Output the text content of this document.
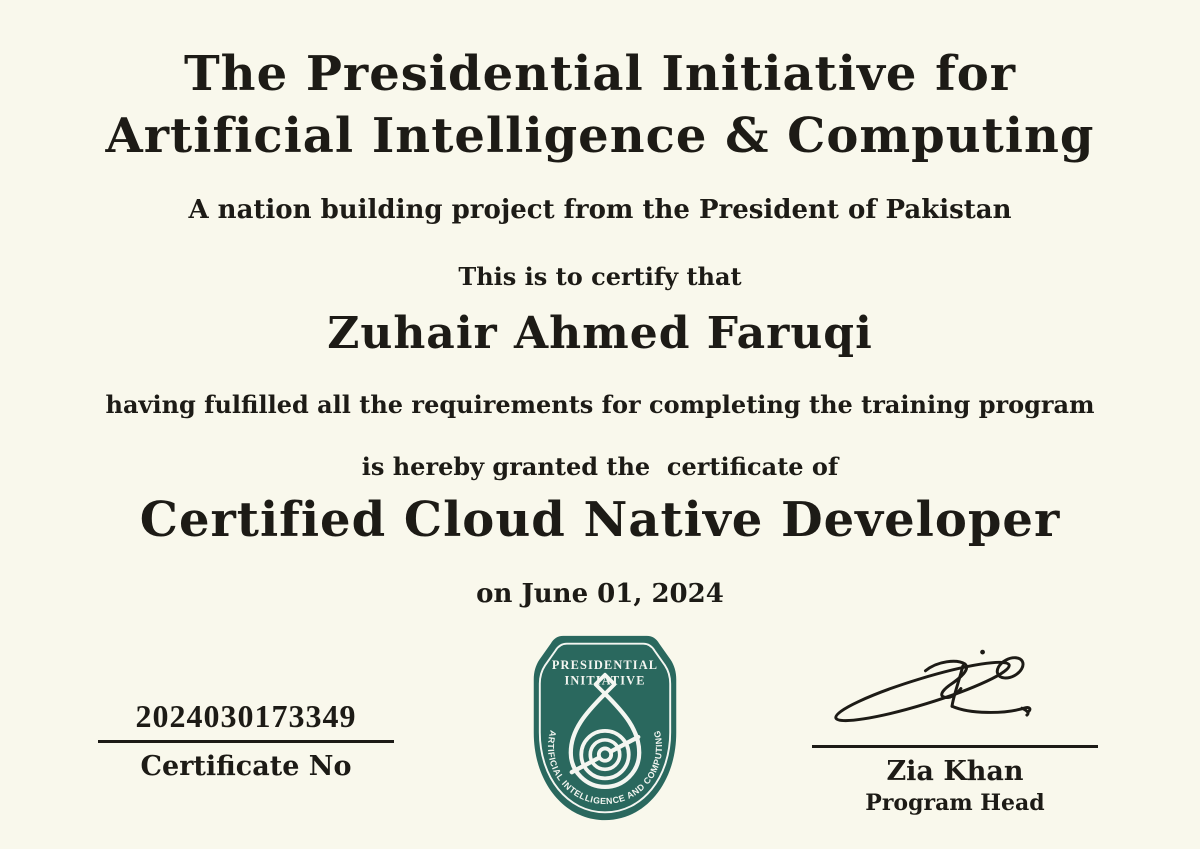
The Presidential Initiative for
Artificial Intelligence & Computing
A nation building project from the President of Pakistan
This is to certify that
Zuhair Ahmed Faruqi
having fulfilled all the requirements for completing the training program
is hereby granted the  certificate of
Certified Cloud Native Developer
on June 01, 2024
2024030173349
Certificate No
PRESIDENTIAL
INITIATIVE
ARTIFICIAL INTELLIGENCE AND COMPUTING
Zia Khan
Program Head
